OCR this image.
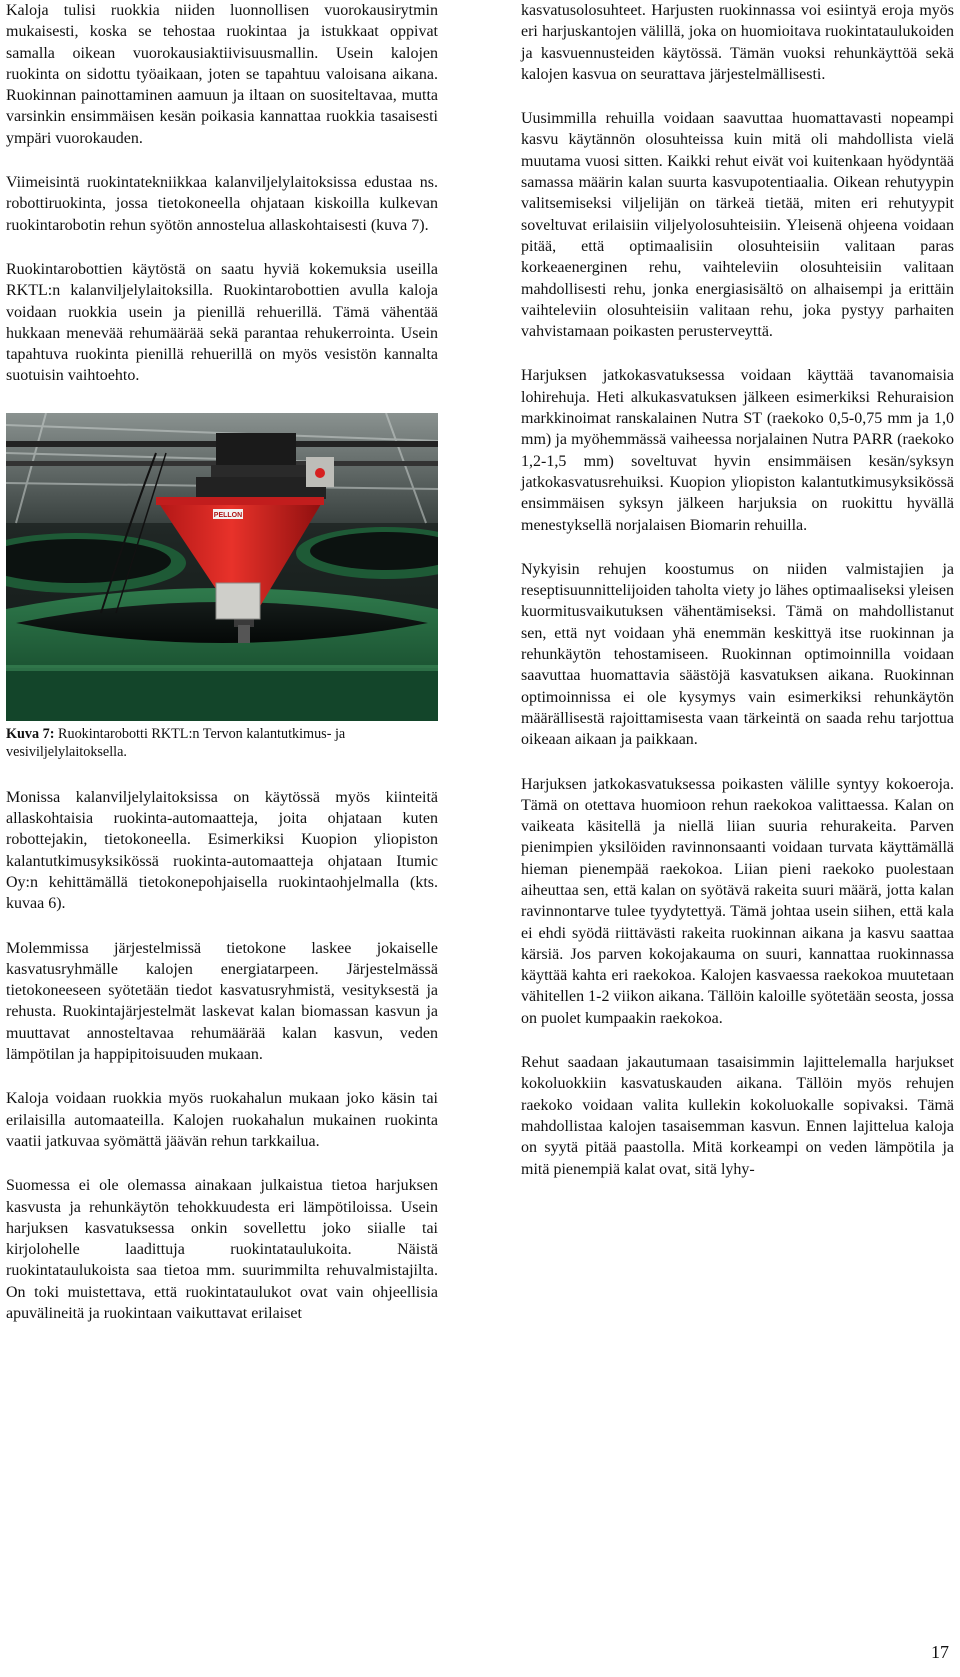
Kaloja tulisi ruokkia niiden luonnollisen vuorokausirytmin mukaisesti, koska se tehostaa ruokintaa ja istukkaat oppivat samalla oikean vuorokausiaktiivisuusmallin. Usein kalojen ruokinta on sidottu työaikaan, joten se tapahtuu valoisana aikana. Ruokinnan painottaminen aamuun ja iltaan on suositeltavaa, mutta varsinkin ensimmäisen kesän poikasia kannattaa ruokkia tasaisesti ympäri vuorokauden.

Viimeisintä ruokintatekniikkaa kalanviljelylaitoksissa edustaa ns. robottiruokinta, jossa tietokoneella ohjataan kiskoilla kulkevan ruokintarobotin rehun syötön annostelua allaskohtaisesti (kuva 7).

Ruokintarobottien käytöstä on saatu hyviä kokemuksia useilla RKTL:n kalanviljelylaitoksilla. Ruokintarobottien avulla kaloja voidaan ruokkia usein ja pienillä rehuerillä. Tämä vähentää hukkaan menevää rehumäärää sekä parantaa rehukerrointa. Usein tapahtuva ruokinta pienillä rehuerillä on myös vesistön kannalta suotuisin vaihtoehto.

PELLON
Kuva 7: Ruokintarobotti RKTL:n Tervon kalantutkimus- ja vesiviljelylaitoksella.

Monissa kalanviljelylaitoksissa on käytössä myös kiinteitä allaskohtaisia ruokinta-automaatteja, joita ohjataan kuten robottejakin, tietokoneella. Esimerkiksi Kuopion yliopiston kalantutkimusyksikössä ruokinta-automaatteja ohjataan Itumic Oy:n kehittämällä tietokonepohjaisella ruokintaohjelmalla (kts. kuvaa 6).

Molemmissa järjestelmissä tietokone laskee jokaiselle kasvatusryhmälle kalojen energiatarpeen. Järjestelmässä tietokoneeseen syötetään tiedot kasvatusryhmistä, vesityksestä ja rehusta. Ruokintajärjestelmät laskevat kalan biomassan kasvun ja muuttavat annosteltavaa rehumäärää kalan kasvun, veden lämpötilan ja happipitoisuuden mukaan.

Kaloja voidaan ruokkia myös ruokahalun mukaan joko käsin tai erilaisilla automaateilla. Kalojen ruokahalun mukainen ruokinta vaatii jatkuvaa syömättä jäävän rehun tarkkailua.

Suomessa ei ole olemassa ainakaan julkaistua tietoa harjuksen kasvusta ja rehunkäytön tehokkuudesta eri lämpötiloissa. Usein harjuksen kasvatuksessa onkin sovellettu joko siialle tai kirjolohelle laadittuja ruokintataulukoita. Näistä ruokintataulukoista saa tietoa mm. suurimmilta rehuvalmistajilta. On toki muistettava, että ruokintataulukot ovat vain ohjeellisia apuvälineitä ja ruokintaan vaikuttavat erilaiset

kasvatusolosuhteet. Harjusten ruokinnassa voi esiintyä eroja myös eri harjuskantojen välillä, joka on huomioitava ruokintataulukoiden ja kasvuennusteiden käytössä. Tämän vuoksi rehunkäyttöä sekä kalojen kasvua on seurattava järjestelmällisesti.

Uusimmilla rehuilla voidaan saavuttaa huomattavasti nopeampi kasvu käytännön olosuhteissa kuin mitä oli mahdollista vielä muutama vuosi sitten. Kaikki rehut eivät voi kuitenkaan hyödyntää samassa määrin kalan suurta kasvupotentiaalia. Oikean rehutyypin valitsemiseksi viljelijän on tärkeä tietää, miten eri rehutyypit soveltuvat erilaisiin viljelyolosuhteisiin. Yleisenä ohjeena voidaan pitää, että optimaalisiin olosuhteisiin valitaan paras korkeaenerginen rehu, vaihteleviin olosuhteisiin valitaan mahdollisesti rehu, jonka energiasisältö on alhaisempi ja erittäin vaihteleviin olosuhteisiin valitaan rehu, joka pystyy parhaiten vahvistamaan poikasten perusterveyttä.

Harjuksen jatkokasvatuksessa voidaan käyttää tavanomaisia lohirehuja. Heti alkukasvatuksen jälkeen esimerkiksi Rehuraision markkinoimat ranskalainen Nutra ST (raekoko 0,5-0,75 mm ja 1,0 mm) ja myöhemmässä vaiheessa norjalainen Nutra PARR (raekoko 1,2-1,5 mm) soveltuvat hyvin ensimmäisen kesän/syksyn jatkokasvatusrehuiksi. Kuopion yliopiston kalantutkimusyksikössä ensimmäisen syksyn jälkeen harjuksia on ruokittu hyvällä menestyksellä norjalaisen Biomarin rehuilla.

Nykyisin rehujen koostumus on niiden valmistajien ja reseptisuunnittelijoiden taholta viety jo lähes optimaaliseksi yleisen kuormitusvaikutuksen vähentämiseksi. Tämä on mahdollistanut sen, että nyt voidaan yhä enemmän keskittyä itse ruokinnan ja rehunkäytön tehostamiseen. Ruokinnan optimoinnilla voidaan saavuttaa huomattavia säästöjä kasvatuksen aikana. Ruokinnan optimoinnissa ei ole kysymys vain esimerkiksi rehunkäytön määrällisestä rajoittamisesta vaan tärkeintä on saada rehu tarjottua oikeaan aikaan ja paikkaan.

Harjuksen jatkokasvatuksessa poikasten välille syntyy kokoeroja. Tämä on otettava huomioon rehun raekokoa valittaessa. Kalan on vaikeata käsitellä ja niellä liian suuria rehurakeita. Parven pienimpien yksilöiden ravinnonsaanti voidaan turvata käyttämällä hieman pienempää raekokoa. Liian pieni raekoko puolestaan aiheuttaa sen, että kalan on syötävä rakeita suuri määrä, jotta kalan ravinnontarve tulee tyydytettyä. Tämä johtaa usein siihen, että kala ei ehdi syödä riittävästi rakeita ruokinnan aikana ja kasvu saattaa kärsiä. Jos parven kokojakauma on suuri, kannattaa ruokinnassa käyttää kahta eri raekokoa. Kalojen kasvaessa raekokoa muutetaan vähitellen 1-2 viikon aikana. Tällöin kaloille syötetään seosta, jossa on puolet kumpaakin raekokoa.

Rehut saadaan jakautumaan tasaisimmin lajittelemalla harjukset kokoluokkiin kasvatuskauden aikana. Tällöin myös rehujen raekoko voidaan valita kullekin kokoluokalle sopivaksi. Tämä mahdollistaa kalojen tasaisemman kasvun. Ennen lajittelua kaloja on syytä pitää paastolla. Mitä korkeampi on veden lämpötila ja mitä pienempiä kalat ovat, sitä lyhy-

17
